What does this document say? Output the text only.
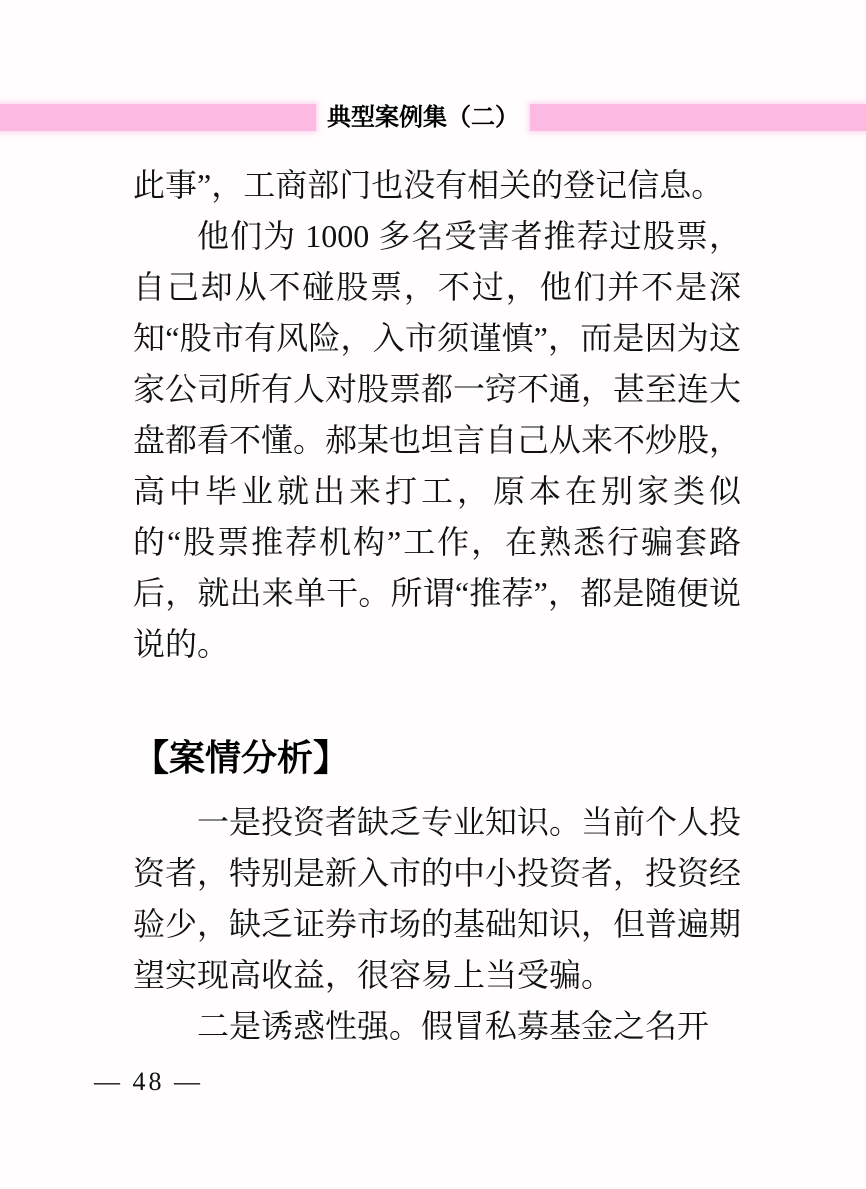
典型案例集（二）

此事”，工商部门也没有相关的登记信息。

他们为 1000 多名受害者推荐过股票，自己却从不碰股票，不过，他们并不是深知“股市有风险，入市须谨慎”，而是因为这家公司所有人对股票都一窍不通，甚至连大盘都看不懂。郝某也坦言自己从来不炒股，高中毕业就出来打工，原本在别家类似的“股票推荐机构”工作，在熟悉行骗套路后，就出来单干。所谓“推荐”，都是随便说说的。

【案情分析】

一是投资者缺乏专业知识。当前个人投资者，特别是新入市的中小投资者，投资经验少，缺乏证券市场的基础知识，但普遍期望实现高收益，很容易上当受骗。

二是诱惑性强。假冒私募基金之名开

— 48 —
